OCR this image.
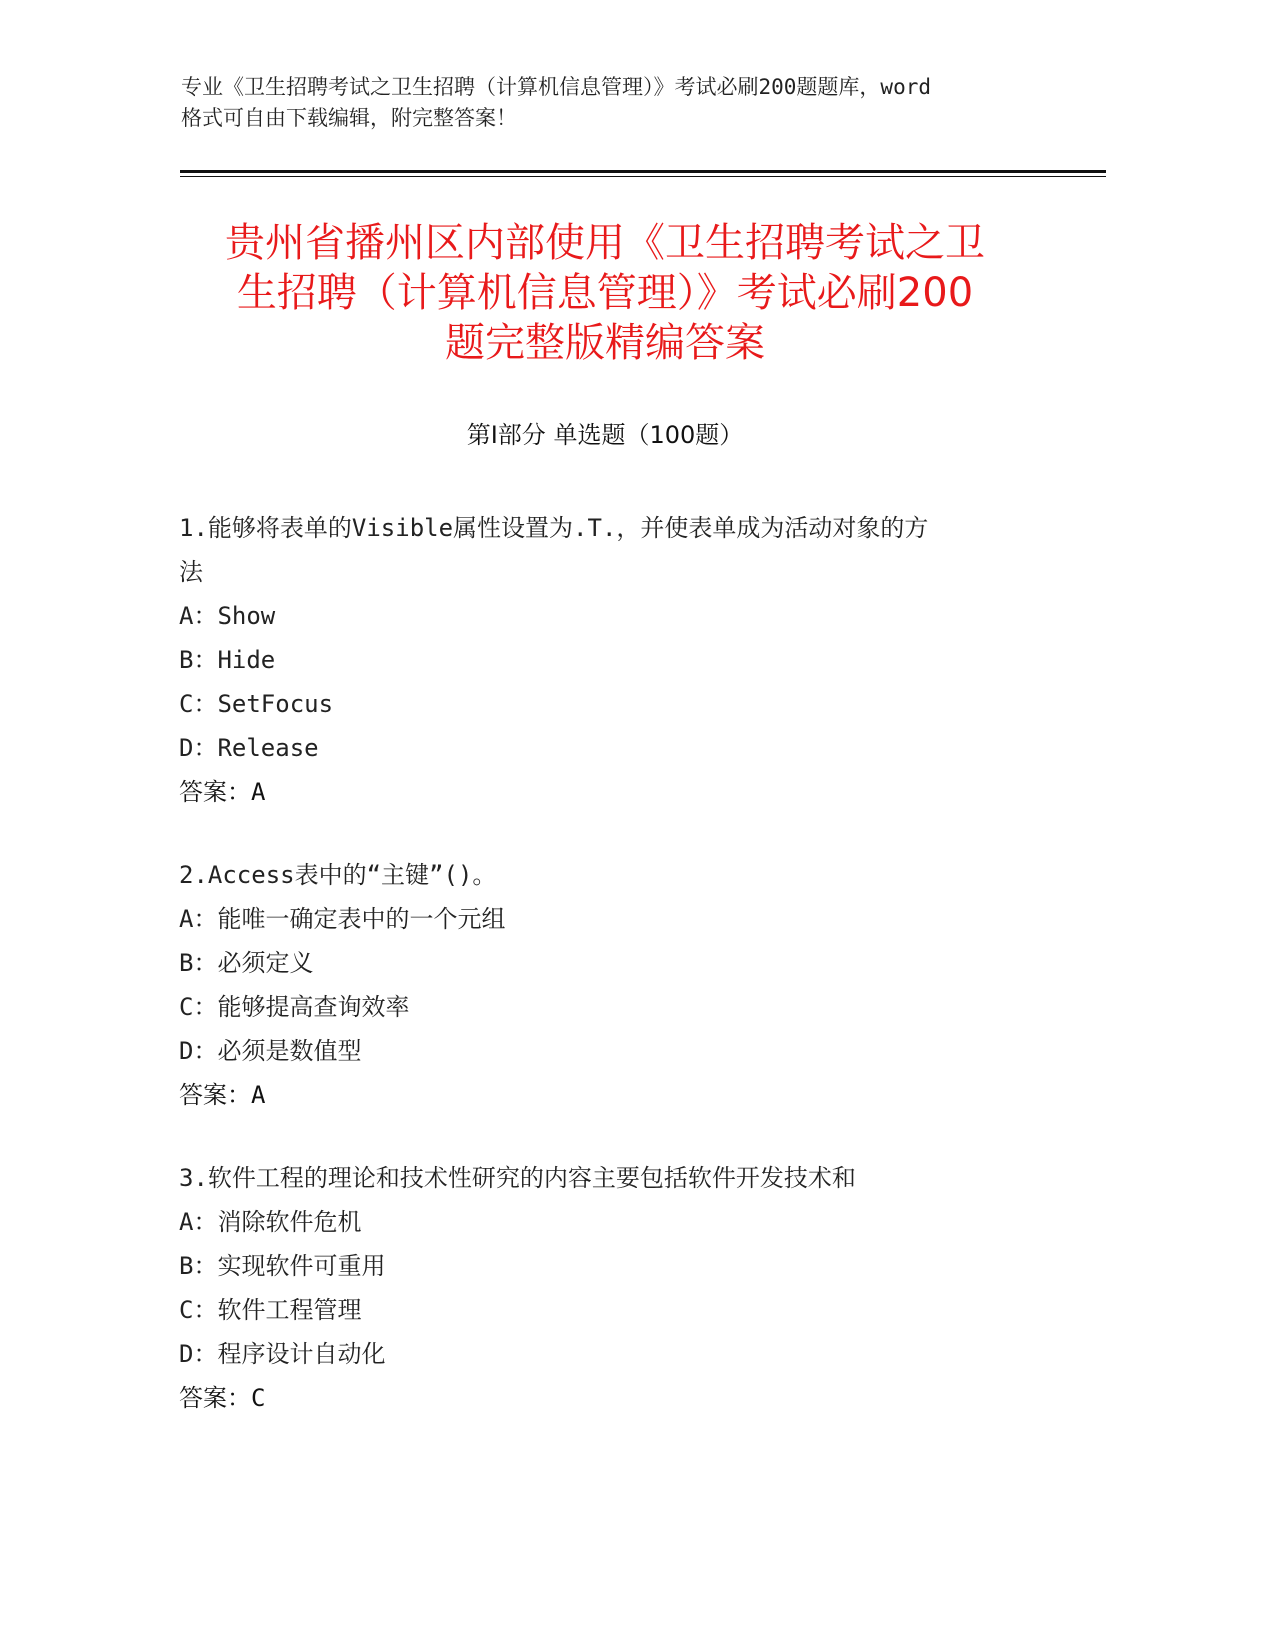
专业《卫生招聘考试之卫生招聘（计算机信息管理）》考试必刷200题题库，word
格式可自由下载编辑，附完整答案！
贵州省播州区内部使用《卫生招聘考试之卫
生招聘（计算机信息管理）》考试必刷200
题完整版精编答案
第Ⅰ部分 单选题（100题）
1.能够将表单的Visible属性设置为.T.，并使表单成为活动对象的方
法
A：Show
B：Hide
C：SetFocus
D：Release
答案：A
2.Access表中的“主键”()。
A：能唯一确定表中的一个元组
B：必须定义
C：能够提高查询效率
D：必须是数值型
答案：A
3.软件工程的理论和技术性研究的内容主要包括软件开发技术和
A：消除软件危机
B：实现软件可重用
C：软件工程管理
D：程序设计自动化
答案：C
